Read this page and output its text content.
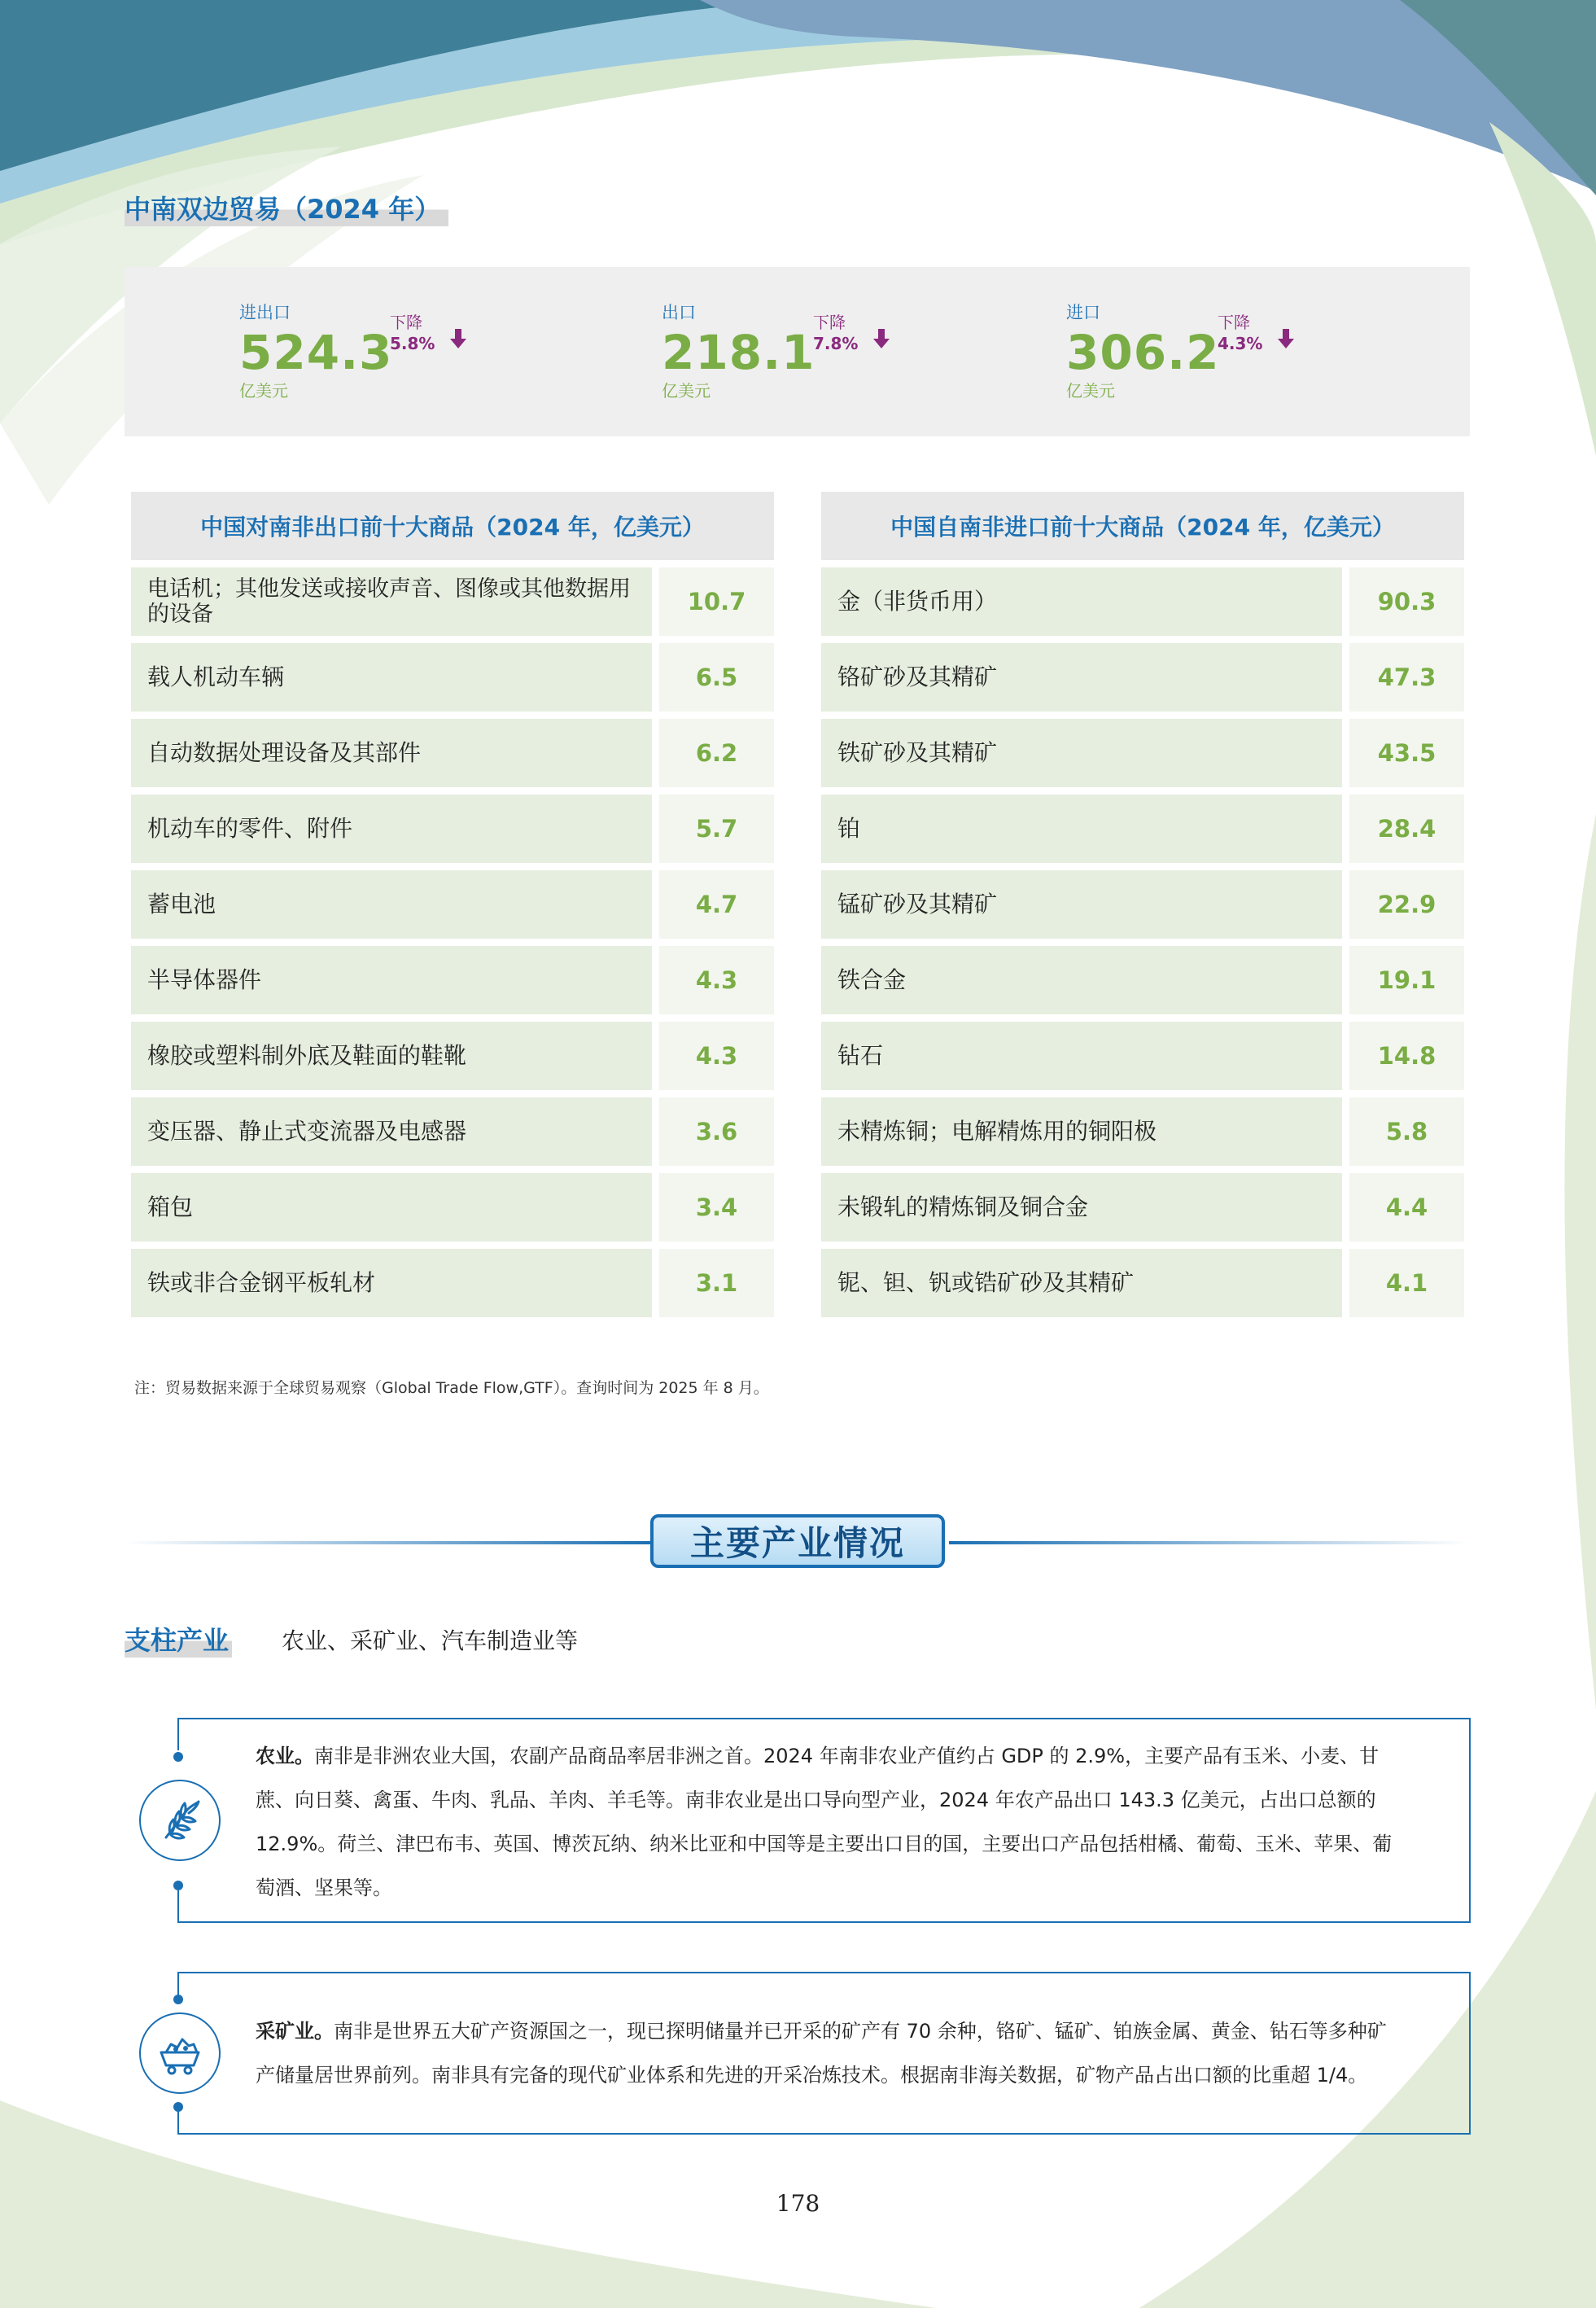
中南双边贸易（2024 年）
进出口
524.3
亿美元
下降
5.8%
出口
218.1
亿美元
下降
7.8%
进口
306.2
亿美元
下降
4.3%
中国对南非出口前十大商品（2024 年，亿美元）
电话机；其他发送或接收声音、图像或其他数据用的设备	10.7
载人机动车辆	6.5
自动数据处理设备及其部件	6.2
机动车的零件、附件	5.7
蓄电池	4.7
半导体器件	4.3
橡胶或塑料制外底及鞋面的鞋靴	4.3
变压器、静止式变流器及电感器	3.6
箱包	3.4
铁或非合金钢平板轧材	3.1
中国自南非进口前十大商品（2024 年，亿美元）
金（非货币用）	90.3
铬矿砂及其精矿	47.3
铁矿砂及其精矿	43.5
铂	28.4
锰矿砂及其精矿	22.9
铁合金	19.1
钻石	14.8
未精炼铜；电解精炼用的铜阳极	5.8
未锻轧的精炼铜及铜合金	4.4
铌、钽、钒或锆矿砂及其精矿	4.1
注：贸易数据来源于全球贸易观察（Global Trade Flow,GTF）。查询时间为 2025 年 8 月。
主要产业情况
支柱产业 农业、采矿业、汽车制造业等
农业。南非是非洲农业大国，农副产品商品率居非洲之首。2024 年南非农业产值约占 GDP 的 2.9%，主要产品有玉米、小麦、甘
蔗、向日葵、禽蛋、牛肉、乳品、羊肉、羊毛等。南非农业是出口导向型产业，2024 年农产品出口 143.3 亿美元，占出口总额的
12.9%。荷兰、津巴布韦、英国、博茨瓦纳、纳米比亚和中国等是主要出口目的国，主要出口产品包括柑橘、葡萄、玉米、苹果、葡
萄酒、坚果等。
采矿业。南非是世界五大矿产资源国之一，现已探明储量并已开采的矿产有 70 余种，铬矿、锰矿、铂族金属、黄金、钻石等多种矿
产储量居世界前列。南非具有完备的现代矿业体系和先进的开采冶炼技术。根据南非海关数据，矿物产品占出口额的比重超 1/4。
178
